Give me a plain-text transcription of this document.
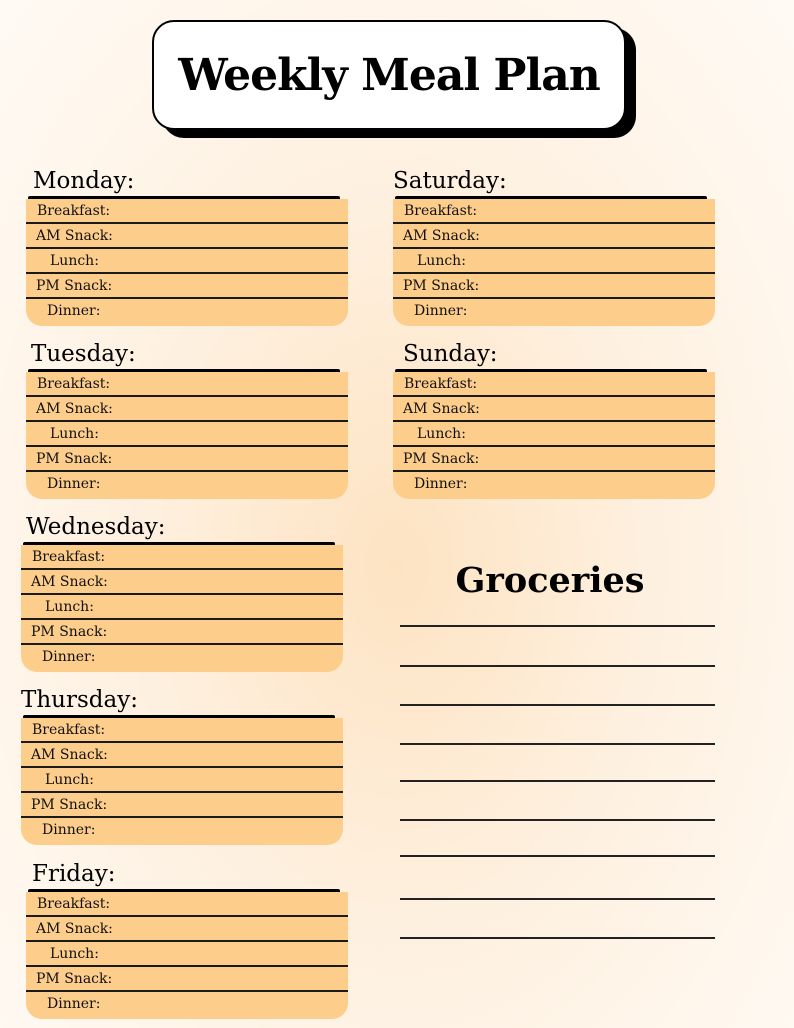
Weekly Meal Plan
Monday:
Breakfast:
AM Snack:
Lunch:
PM Snack:
Dinner:
Tuesday:
Breakfast:
AM Snack:
Lunch:
PM Snack:
Dinner:
Wednesday:
Breakfast:
AM Snack:
Lunch:
PM Snack:
Dinner:
Thursday:
Breakfast:
AM Snack:
Lunch:
PM Snack:
Dinner:
Friday:
Breakfast:
AM Snack:
Lunch:
PM Snack:
Dinner:
Saturday:
Breakfast:
AM Snack:
Lunch:
PM Snack:
Dinner:
Sunday:
Breakfast:
AM Snack:
Lunch:
PM Snack:
Dinner:
Groceries
